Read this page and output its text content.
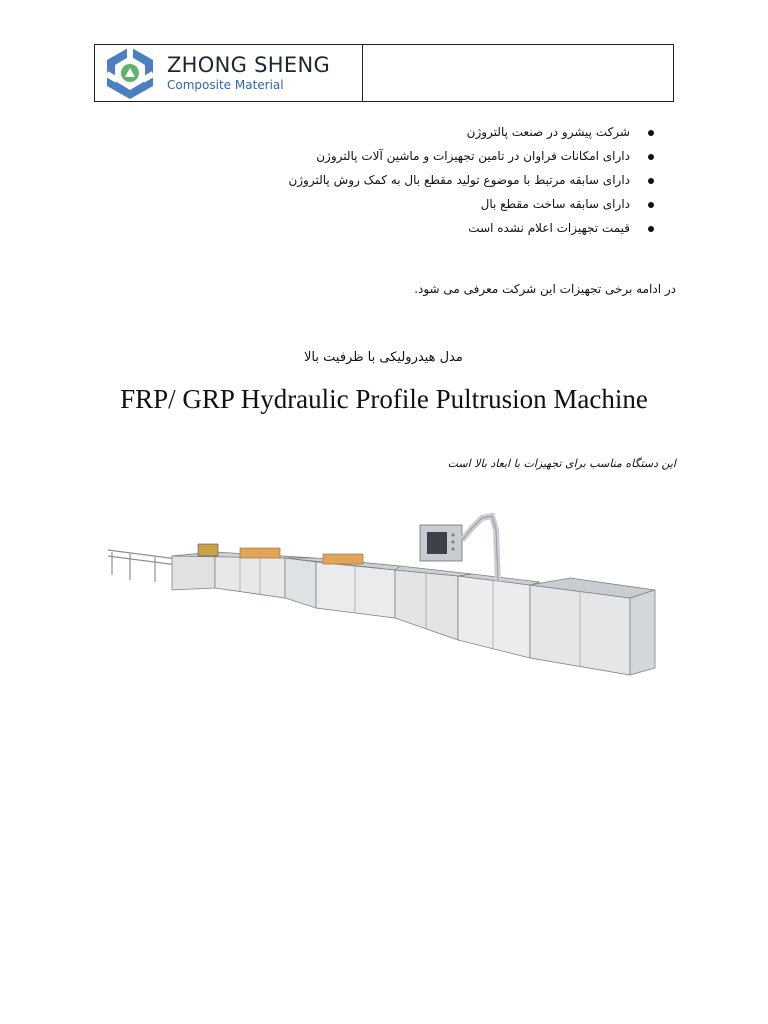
ZHONG SHENG
Composite Material
شرکت پیشرو در صنعت پالتروژن
دارای امکانات فراوان در تامین تجهیزات و ماشین آلات پالتروژن
دارای سابقه مرتبط با موضوع تولید مقطع بال به کمک روش پالتروژن
دارای سابقه ساخت مقطع بال
قیمت تجهیزات اعلام نشده است
در ادامه برخی تجهیزات این شرکت معرفی می شود.
مدل هیدرولیکی با ظرفیت بالا
FRP/ GRP Hydraulic Profile Pultrusion Machine
این دستگاه مناسب برای تجهیزات با ابعاد بالا است
